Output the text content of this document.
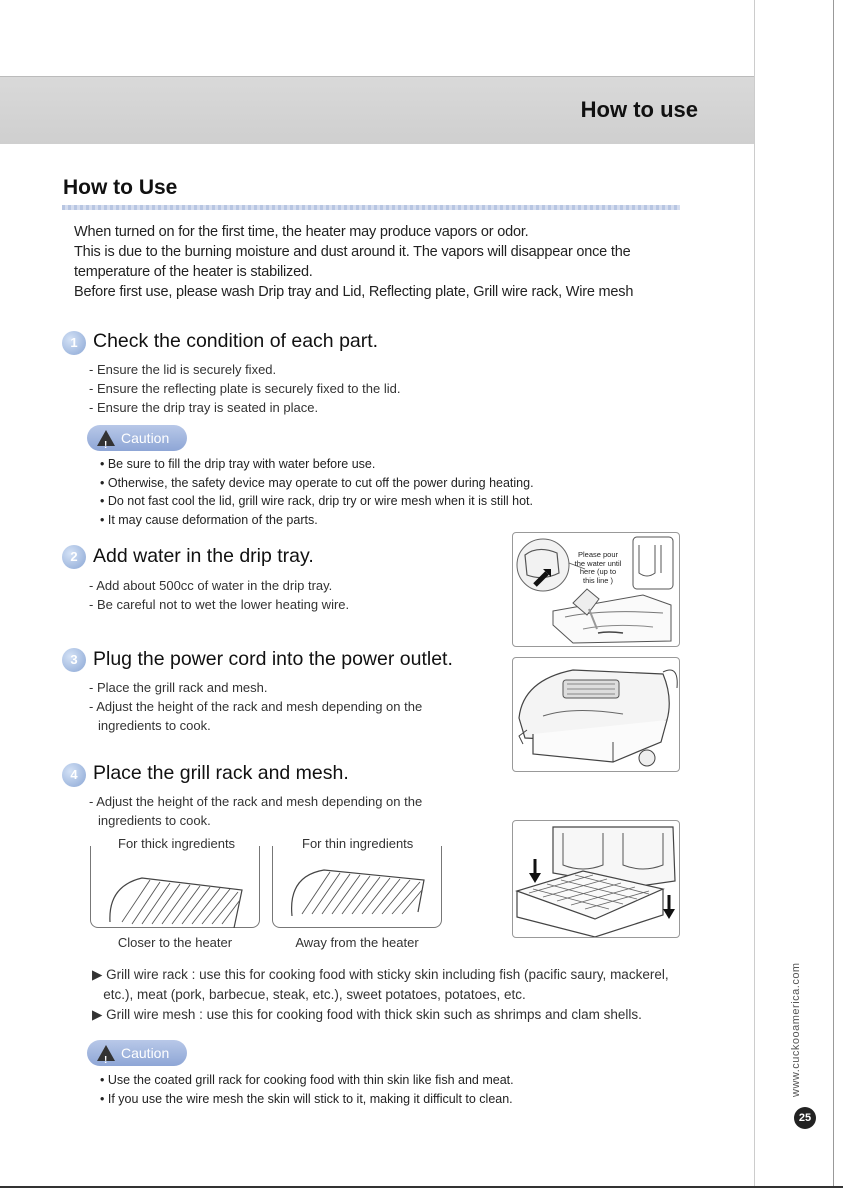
How to use
How to Use

When turned on for the first time, the heater may produce vapors or odor.

This is due to the burning moisture and dust around it. The vapors will disappear once the

temperature of the heater is stabilized.

Before first use, please wash Drip tray and Lid, Reflecting plate, Grill wire rack, Wire mesh

1 Check the condition of each part.
- Ensure the lid is securely fixed.
- Ensure the reflecting plate is securely fixed to the lid.
- Ensure the drip tray is seated in place.
! Caution
• Be sure to fill the drip tray with water before use.
• Otherwise, the safety device may operate to cut off the power during heating.
• Do not fast cool the lid, grill wire rack, drip try or wire mesh when it is still hot.
• It may cause deformation of the parts.
2 Add water in the drip tray.
- Add about 500cc of water in the drip tray.
- Be careful not to wet the lower heating wire.
Please pour
the water until
here (up to
this line )
3 Plug the power cord into the power outlet.
- Place the grill rack and mesh.
- Adjust the height of the rack and mesh depending on the
ingredients to cook.
4 Place the grill rack and mesh.
- Adjust the height of the rack and mesh depending on the
ingredients to cook.
For thick ingredients
Closer to the heater
For thin ingredients
Away from the heater
▶ Grill wire rack : use this for cooking food with sticky skin including fish (pacific saury, mackerel,
etc.), meat (pork, barbecue, steak, etc.), sweet potatoes, potatoes, etc.
▶ Grill wire mesh : use this for cooking food with thick skin such as shrimps and clam shells.
! Caution
• Use the coated grill rack for cooking food with thin skin like fish and meat.
• If you use the wire mesh the skin will stick to it, making it difficult to clean.
www.cuckooamerica.com
25
